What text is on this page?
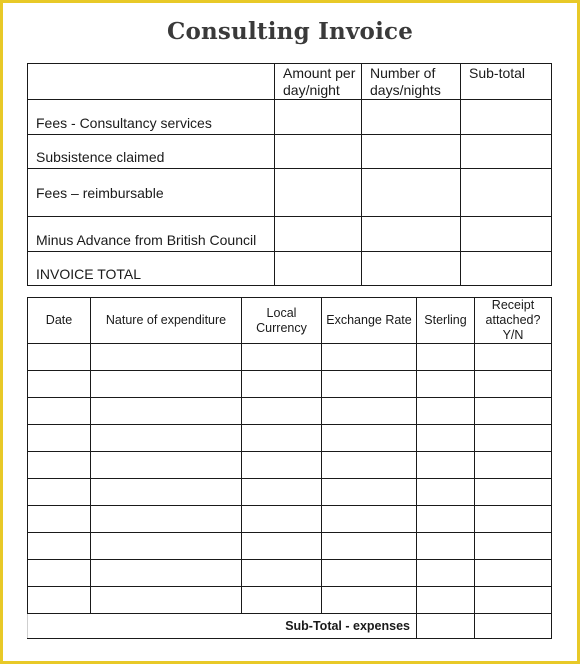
Consulting Invoice
	Amount per day/night	Number of days/nights	Sub-total
Fees - Consultancy services			
Subsistence claimed			
Fees – reimbursable			
Minus Advance from British Council			
INVOICE TOTAL			
Date	Nature of expenditure	Local Currency	Exchange Rate	Sterling	Receipt attached? Y/N

Sub-Total - expenses					
